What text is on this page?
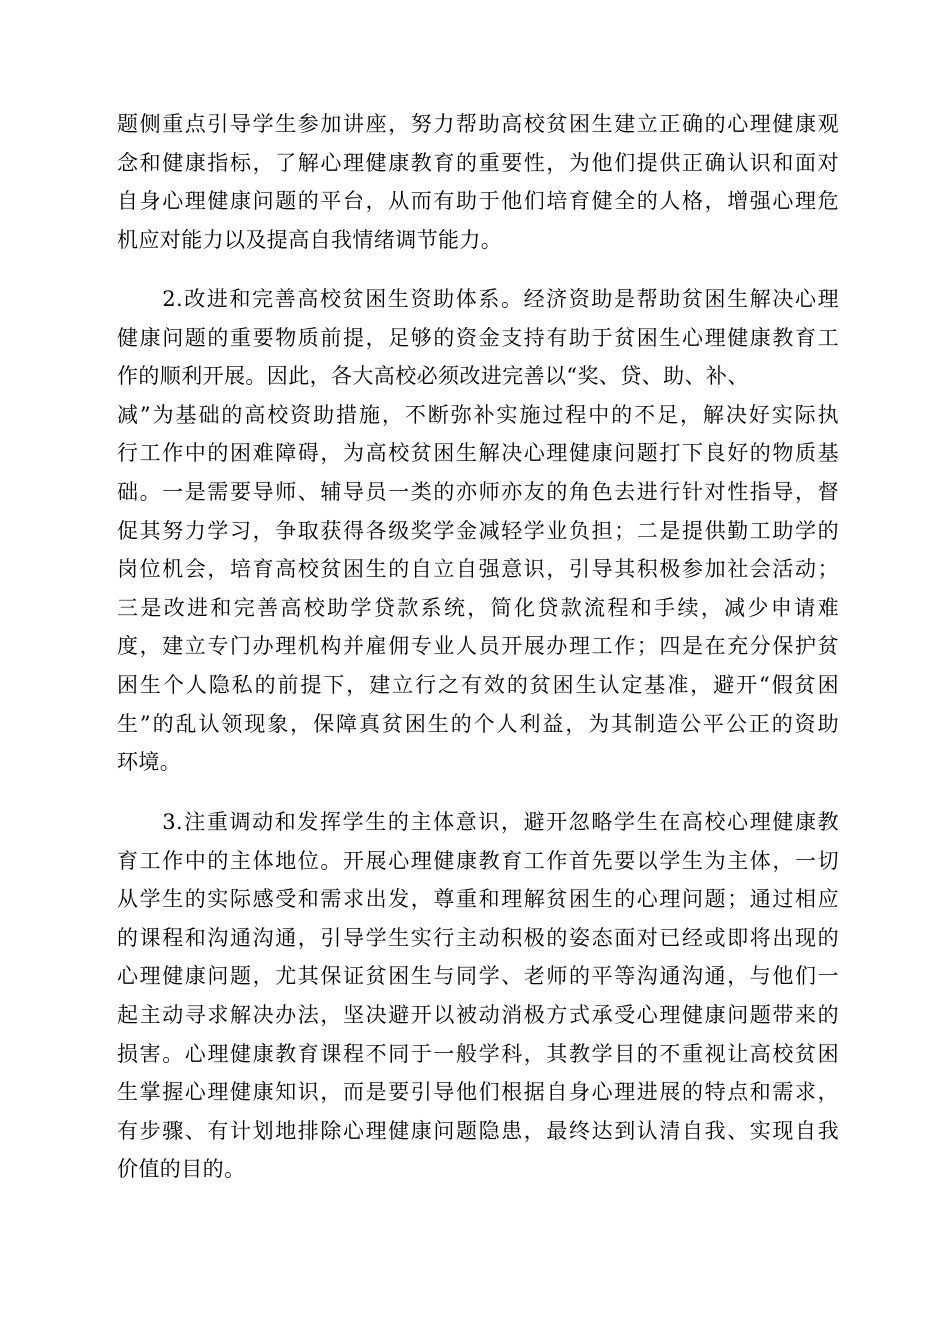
题侧重点引导学生参加讲座，努力帮助高校贫困生建立正确的心理健康观
念和健康指标，了解心理健康教育的重要性，为他们提供正确认识和面对
自身心理健康问题的平台，从而有助于他们培育健全的人格，增强心理危
机应对能力以及提高自我情绪调节能力。
　　2.改进和完善高校贫困生资助体系。经济资助是帮助贫困生解决心理
健康问题的重要物质前提，足够的资金支持有助于贫困生心理健康教育工
作的顺利开展。因此，各大高校必须改进完善以“奖、贷、助、补、
减”为基础的高校资助措施，不断弥补实施过程中的不足，解决好实际执
行工作中的困难障碍，为高校贫困生解决心理健康问题打下良好的物质基
础。一是需要导师、辅导员一类的亦师亦友的角色去进行针对性指导，督
促其努力学习，争取获得各级奖学金减轻学业负担；二是提供勤工助学的
岗位机会，培育高校贫困生的自立自强意识，引导其积极参加社会活动；
三是改进和完善高校助学贷款系统，简化贷款流程和手续，减少申请难
度，建立专门办理机构并雇佣专业人员开展办理工作；四是在充分保护贫
困生个人隐私的前提下，建立行之有效的贫困生认定基准，避开“假贫困
生”的乱认领现象，保障真贫困生的个人利益，为其制造公平公正的资助
环境。
　　3.注重调动和发挥学生的主体意识，避开忽略学生在高校心理健康教
育工作中的主体地位。开展心理健康教育工作首先要以学生为主体，一切
从学生的实际感受和需求出发，尊重和理解贫困生的心理问题；通过相应
的课程和沟通沟通，引导学生实行主动积极的姿态面对已经或即将出现的
心理健康问题，尤其保证贫困生与同学、老师的平等沟通沟通，与他们一
起主动寻求解决办法，坚决避开以被动消极方式承受心理健康问题带来的
损害。心理健康教育课程不同于一般学科，其教学目的不重视让高校贫困
生掌握心理健康知识，而是要引导他们根据自身心理进展的特点和需求，
有步骤、有计划地排除心理健康问题隐患，最终达到认清自我、实现自我
价值的目的。
